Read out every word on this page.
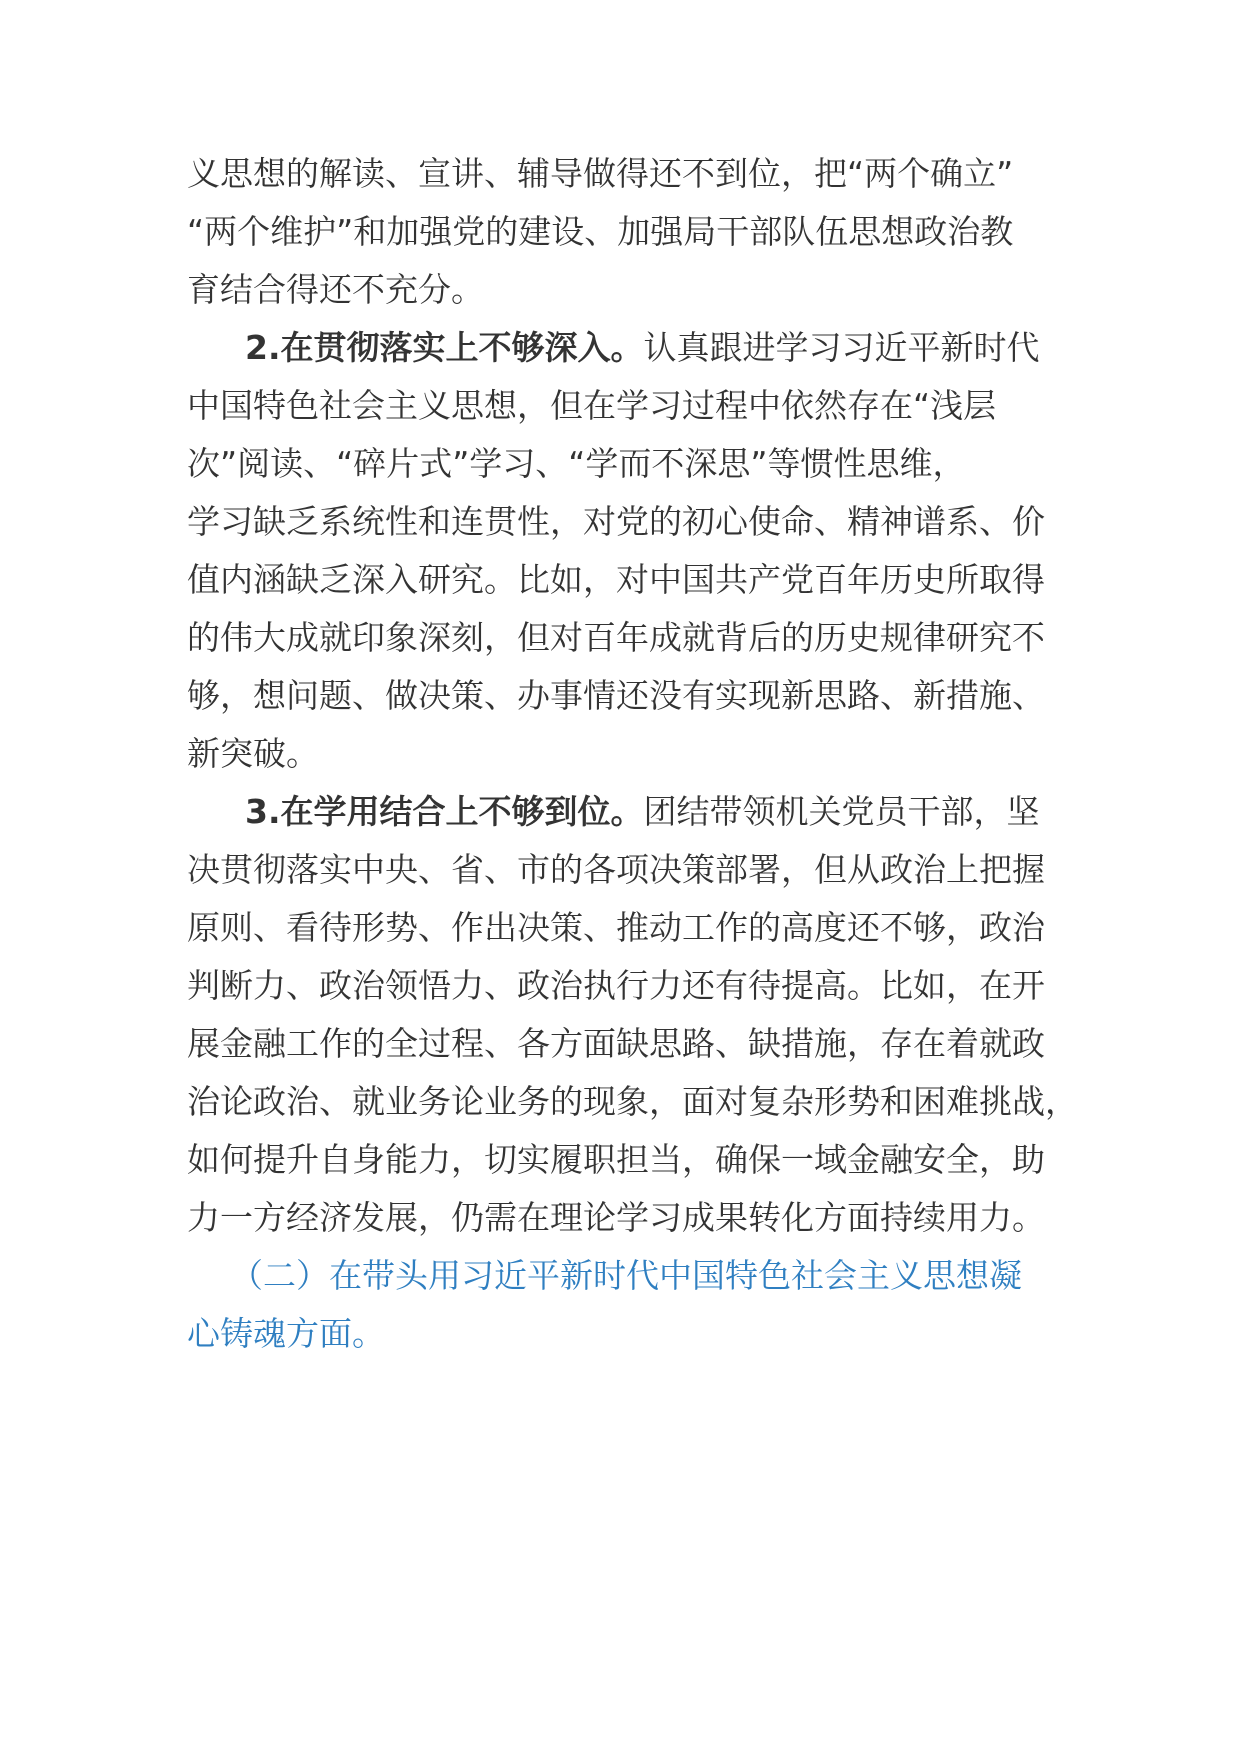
义思想的解读、宣讲、辅导做得还不到位，把“两个确立”
“两个维护”和加强党的建设、加强局干部队伍思想政治教
育结合得还不充分。
2.在贯彻落实上不够深入。认真跟进学习习近平新时代
中国特色社会主义思想，但在学习过程中依然存在“浅层
次”阅读、“碎片式”学习、“学而不深思”等惯性思维，
学习缺乏系统性和连贯性，对党的初心使命、精神谱系、价
值内涵缺乏深入研究。比如，对中国共产党百年历史所取得
的伟大成就印象深刻，但对百年成就背后的历史规律研究不
够，想问题、做决策、办事情还没有实现新思路、新措施、
新突破。
3.在学用结合上不够到位。团结带领机关党员干部，坚
决贯彻落实中央、省、市的各项决策部署，但从政治上把握
原则、看待形势、作出决策、推动工作的高度还不够，政治
判断力、政治领悟力、政治执行力还有待提高。比如，在开
展金融工作的全过程、各方面缺思路、缺措施，存在着就政
治论政治、就业务论业务的现象，面对复杂形势和困难挑战，
如何提升自身能力，切实履职担当，确保一域金融安全，助
力一方经济发展，仍需在理论学习成果转化方面持续用力。
（二）在带头用习近平新时代中国特色社会主义思想凝
心铸魂方面。
